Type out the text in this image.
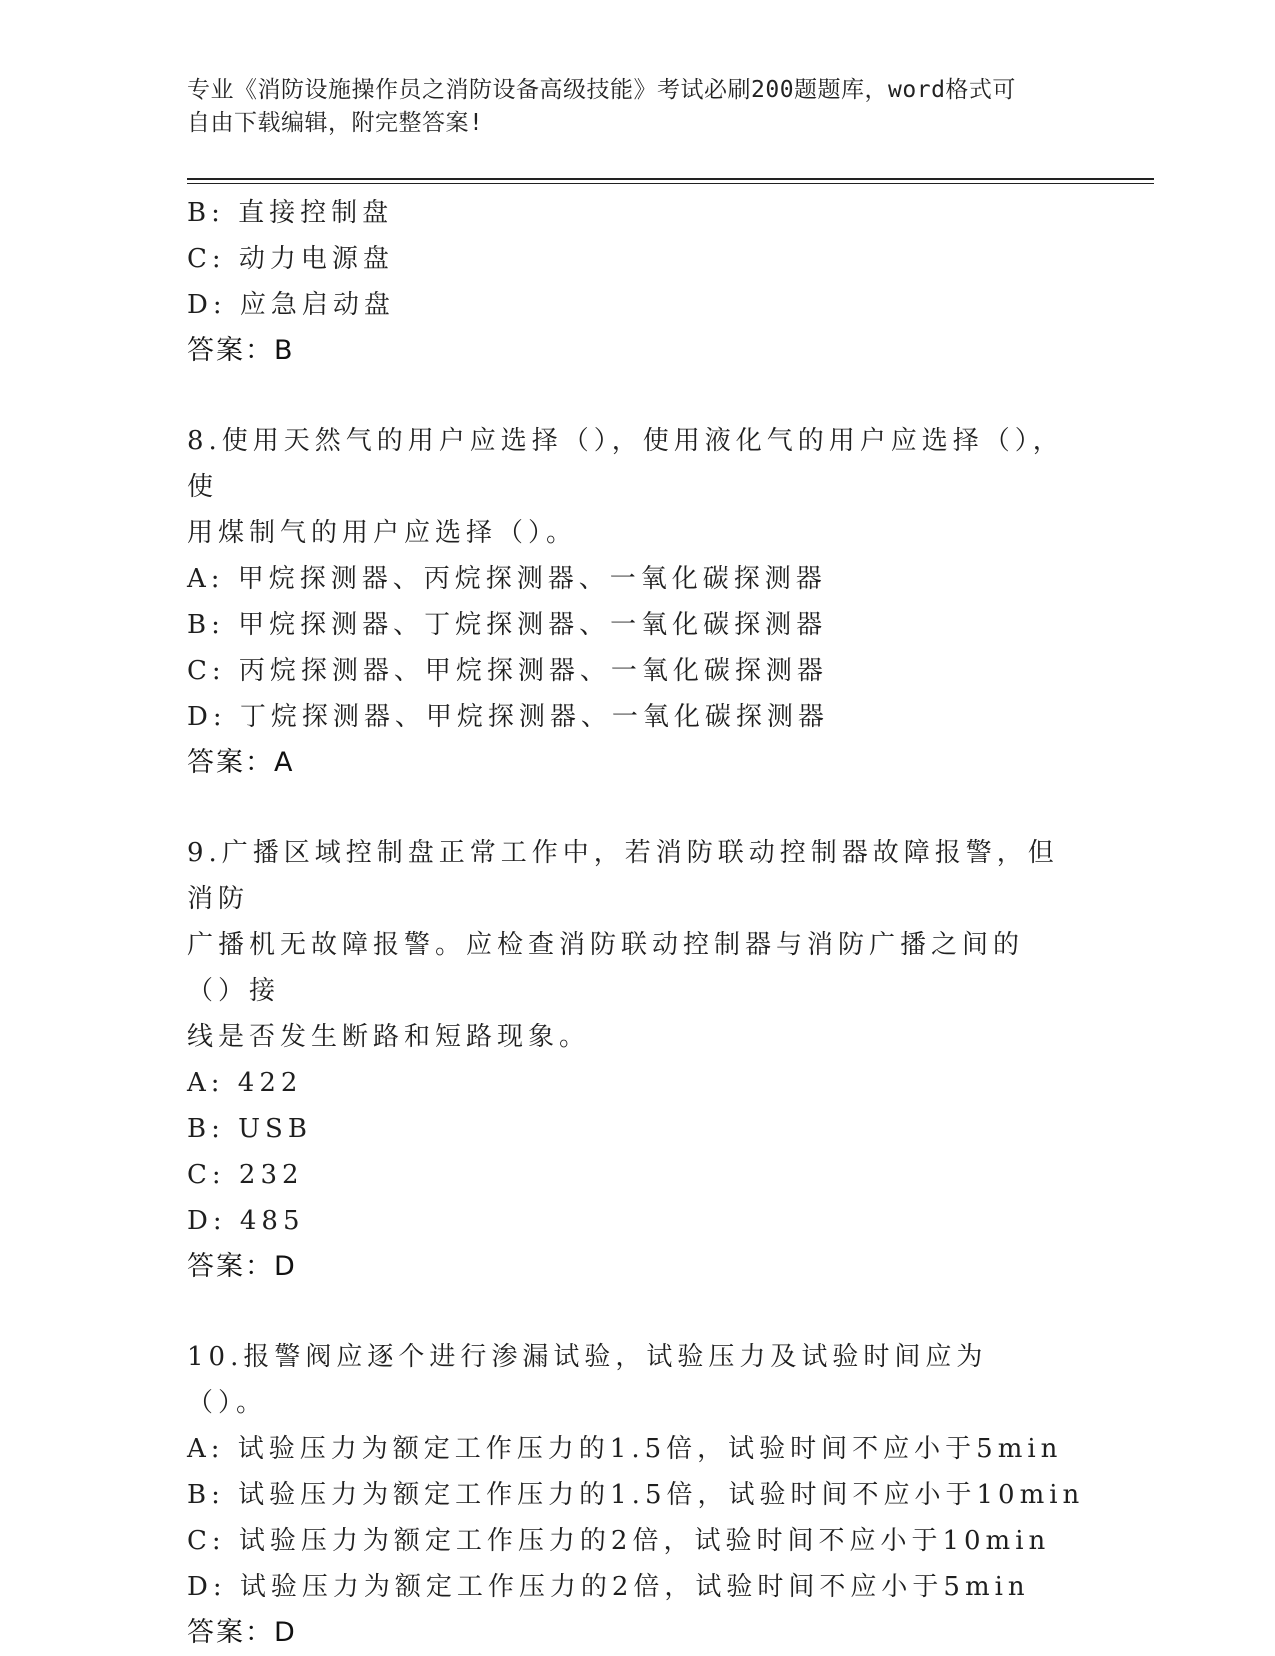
专业《消防设施操作员之消防设备高级技能》考试必刷200题题库，word格式可
自由下载编辑，附完整答案!
B: 直接控制盘
C: 动力电源盘
D: 应急启动盘
答案：B
8.使用天然气的用户应选择（），使用液化气的用户应选择（），使
用煤制气的用户应选择（）。
A: 甲烷探测器、丙烷探测器、一氧化碳探测器
B: 甲烷探测器、丁烷探测器、一氧化碳探测器
C: 丙烷探测器、甲烷探测器、一氧化碳探测器
D: 丁烷探测器、甲烷探测器、一氧化碳探测器
答案：A
9.广播区域控制盘正常工作中，若消防联动控制器故障报警，但消防
广播机无故障报警。应检查消防联动控制器与消防广播之间的（）接
线是否发生断路和短路现象。
A: 422
B: USB
C: 232
D: 485
答案：D
10.报警阀应逐个进行渗漏试验，试验压力及试验时间应为（）。
A: 试验压力为额定工作压力的1.5倍，试验时间不应小于5min
B: 试验压力为额定工作压力的1.5倍，试验时间不应小于10min
C: 试验压力为额定工作压力的2倍，试验时间不应小于10min
D: 试验压力为额定工作压力的2倍，试验时间不应小于5min
答案：D
